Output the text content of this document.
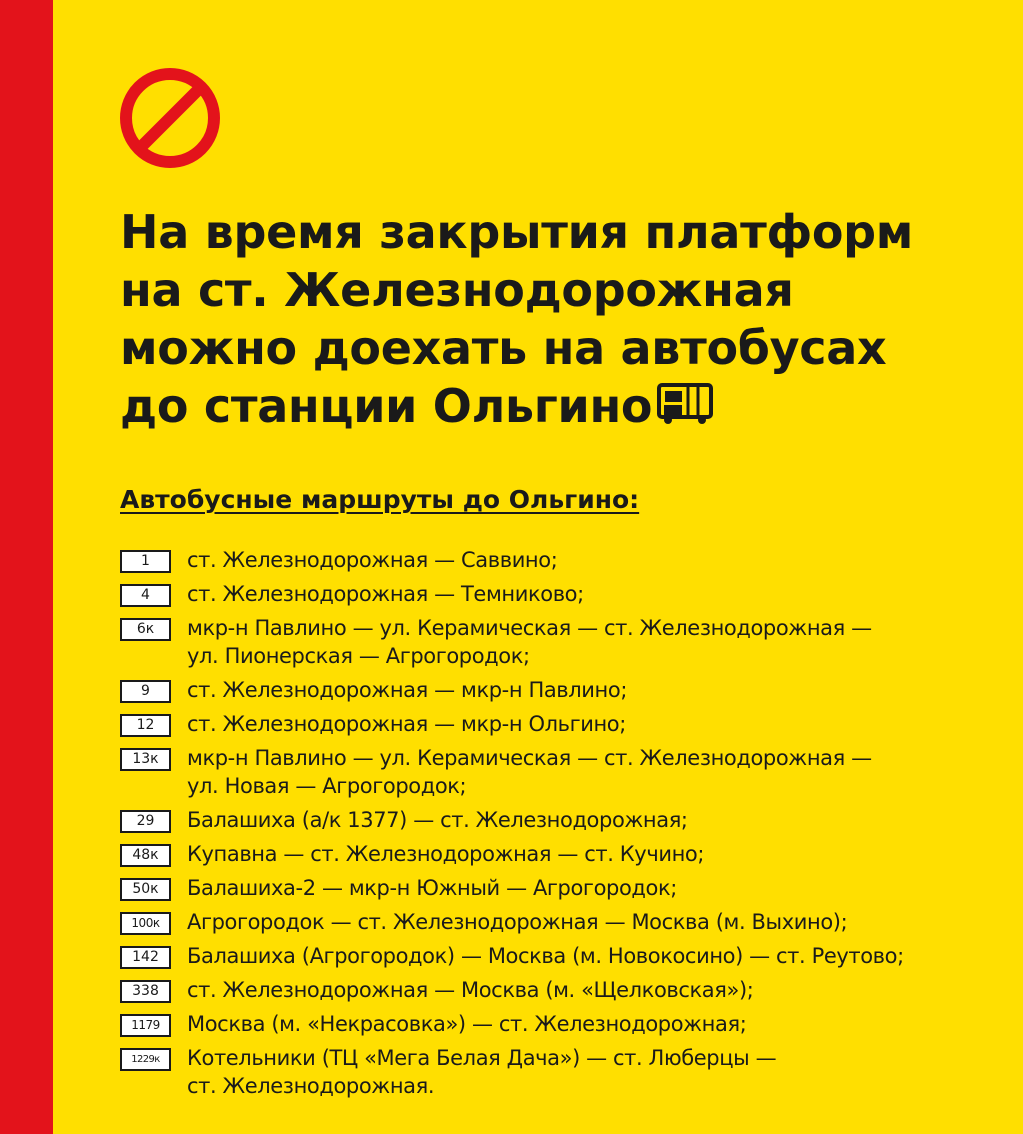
На время закрытия платформ
на ст. Железнодорожная
можно доехать на автобусах
до станции Ольгино
Автобусные маршруты до Ольгино:
1	ст. Железнодорожная — Саввино;
4	ст. Железнодорожная — Темниково;
6к	мкр-н Павлино — ул. Керамическая — ст. Железнодорожная —
ул. Пионерская — Агрогородок;
9	ст. Железнодорожная — мкр-н Павлино;
12	ст. Железнодорожная — мкр-н Ольгино;
13к	мкр-н Павлино — ул. Керамическая — ст. Железнодорожная —
ул. Новая — Агрогородок;
29	Балашиха (а/к 1377) — ст. Железнодорожная;
48к	Купавна — ст. Железнодорожная — ст. Кучино;
50к	Балашиха-2 — мкр-н Южный — Агрогородок;
100к	Агрогородок — ст. Железнодорожная — Москва (м. Выхино);
142	Балашиха (Агрогородок) — Москва (м. Новокосино) — ст. Реутово;
338	ст. Железнодорожная — Москва (м. «Щелковская»);
1179	Москва (м. «Некрасовка») — ст. Железнодорожная;
1229к	Котельники (ТЦ «Мега Белая Дача») — ст. Люберцы —
ст. Железнодорожная.
